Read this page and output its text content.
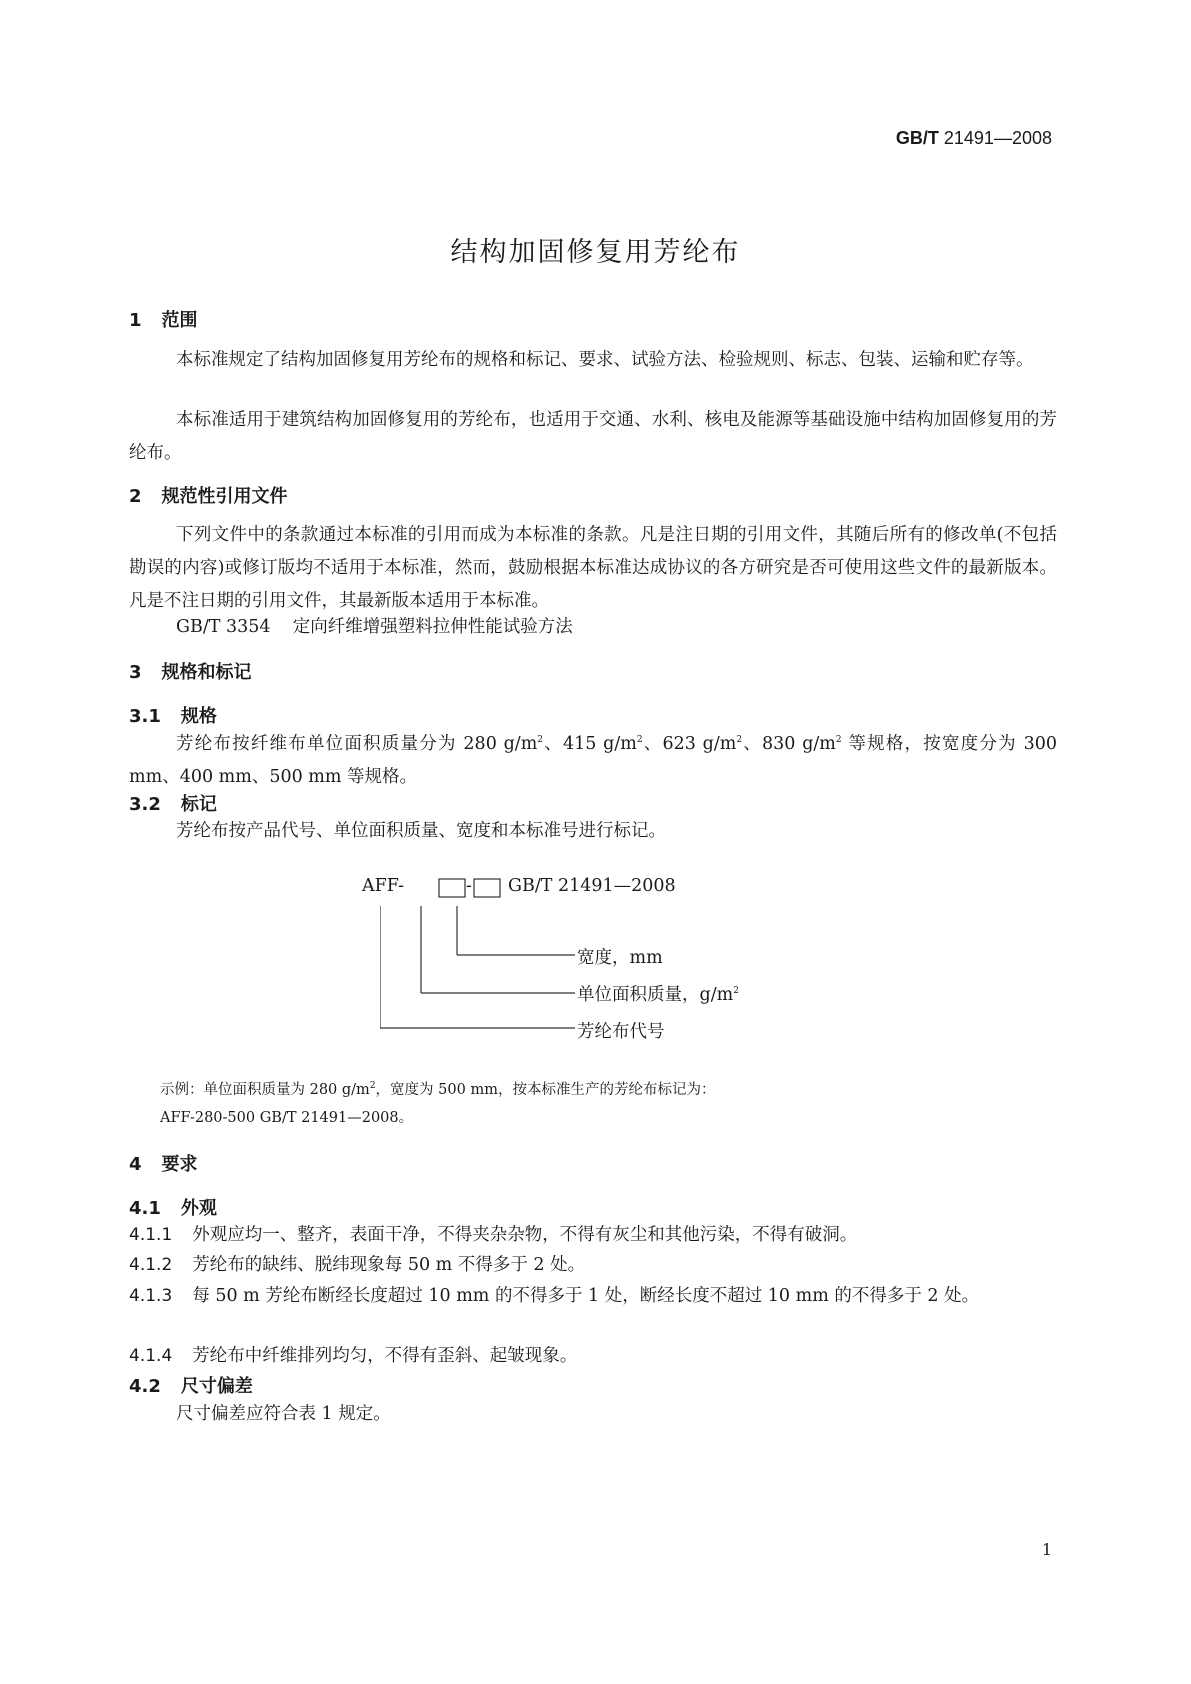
GB/T 21491—2008
结构加固修复用芳纶布
1 范围
本标准规定了结构加固修复用芳纶布的规格和标记、要求、试验方法、检验规则、标志、包装、运输和贮存等。
本标准适用于建筑结构加固修复用的芳纶布，也适用于交通、水利、核电及能源等基础设施中结构加固修复用的芳纶布。
2 规范性引用文件
下列文件中的条款通过本标准的引用而成为本标准的条款。凡是注日期的引用文件，其随后所有的修改单(不包括勘误的内容)或修订版均不适用于本标准，然而，鼓励根据本标准达成协议的各方研究是否可使用这些文件的最新版本。凡是不注日期的引用文件，其最新版本适用于本标准。
GB/T 3354 定向纤维增强塑料拉伸性能试验方法
3 规格和标记
3.1 规格
芳纶布按纤维布单位面积质量分为 280 $g/m^2$、415 $g/m^2$、623 $g/m^2$、830 $g/m^2$ 等规格，按宽度分为 300 mm、400 mm、500 mm 等规格。
3.2 标记
芳纶布按产品代号、单位面积质量、宽度和本标准号进行标记。
AFF-	- GB/T 21491—2008
宽度，mm
单位面积质量，$g/m^2$
芳纶布代号
示例：单位面积质量为 280 $g/m^2$，宽度为 500 mm，按本标准生产的芳纶布标记为：
AFF-280-500 GB/T 21491—2008。
4 要求
4.1 外观
4.1.1 外观应均一、整齐，表面干净，不得夹杂杂物，不得有灰尘和其他污染，不得有破洞。
4.1.2 芳纶布的缺纬、脱纬现象每 50 m 不得多于 2 处。
4.1.3 每 50 m 芳纶布断经长度超过 10 mm 的不得多于 1 处，断经长度不超过 10 mm 的不得多于 2 处。
4.1.4 芳纶布中纤维排列均匀，不得有歪斜、起皱现象。
4.2 尺寸偏差
尺寸偏差应符合表 1 规定。
1
